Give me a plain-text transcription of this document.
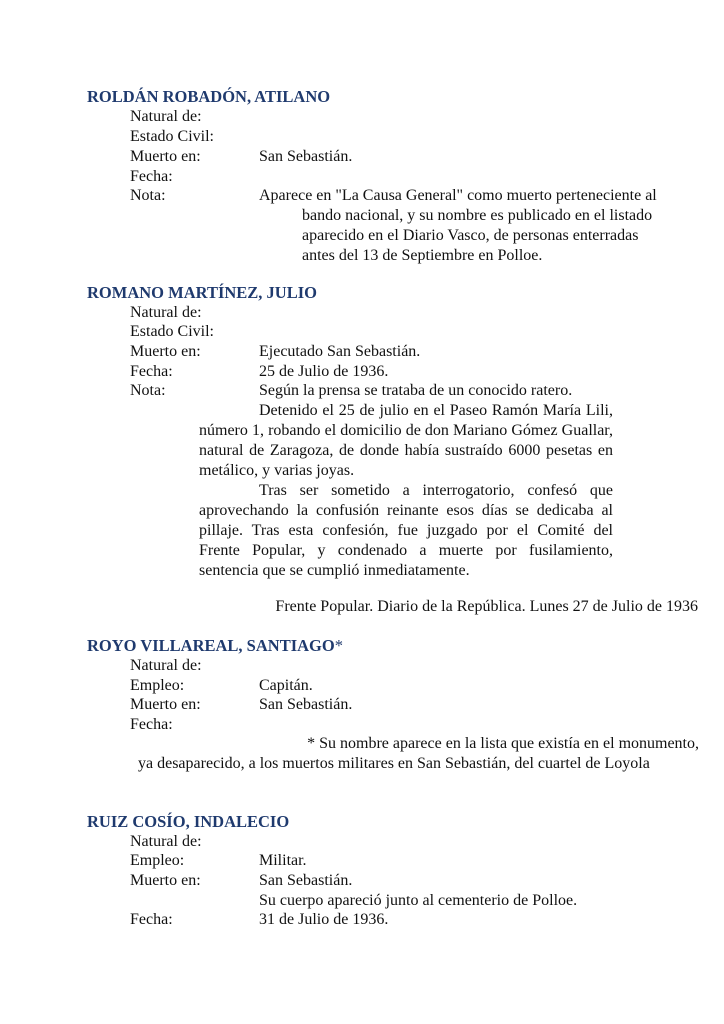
ROLDÁN ROBADÓN, ATILANO
Natural de:
Estado Civil:
Muerto en:	San Sebastián.
Fecha:
Nota:	Aparece en "La Causa General" como muerto perteneciente al
bando nacional, y su nombre es publicado en el listado
aparecido en el Diario Vasco, de personas enterradas
antes del 13 de Septiembre en Polloe.
ROMANO MARTÍNEZ, JULIO
Natural de:
Estado Civil:
Muerto en:	Ejecutado San Sebastián.
Fecha:	25 de Julio de 1936.
Nota:	Según la prensa se trataba de un conocido ratero.
Detenido el 25 de julio en el Paseo Ramón María Lili, número 1, robando el domicilio de don Mariano Gómez Guallar, natural de Zaragoza, de donde había sustraído 6000 pesetas en metálico, y varias joyas.
Tras ser sometido a interrogatorio, confesó que aprovechando la confusión reinante esos días se dedicaba al pillaje. Tras esta confesión, fue juzgado por el Comité del Frente Popular, y condenado a muerte por fusilamiento, sentencia que se cumplió inmediatamente.
Frente Popular. Diario de la República. Lunes 27 de Julio de 1936
ROYO VILLAREAL, SANTIAGO*
Natural de:
Empleo:	Capitán.
Muerto en:	San Sebastián.
Fecha:
* Su nombre aparece en la lista que existía en el monumento,
ya desaparecido, a los muertos militares en San Sebastián, del cuartel de Loyola
RUIZ COSÍO, INDALECIO
Natural de:
Empleo:	Militar.
Muerto en:	San Sebastián.
Su cuerpo apareció junto al cementerio de Polloe.
Fecha:	31 de Julio de 1936.
